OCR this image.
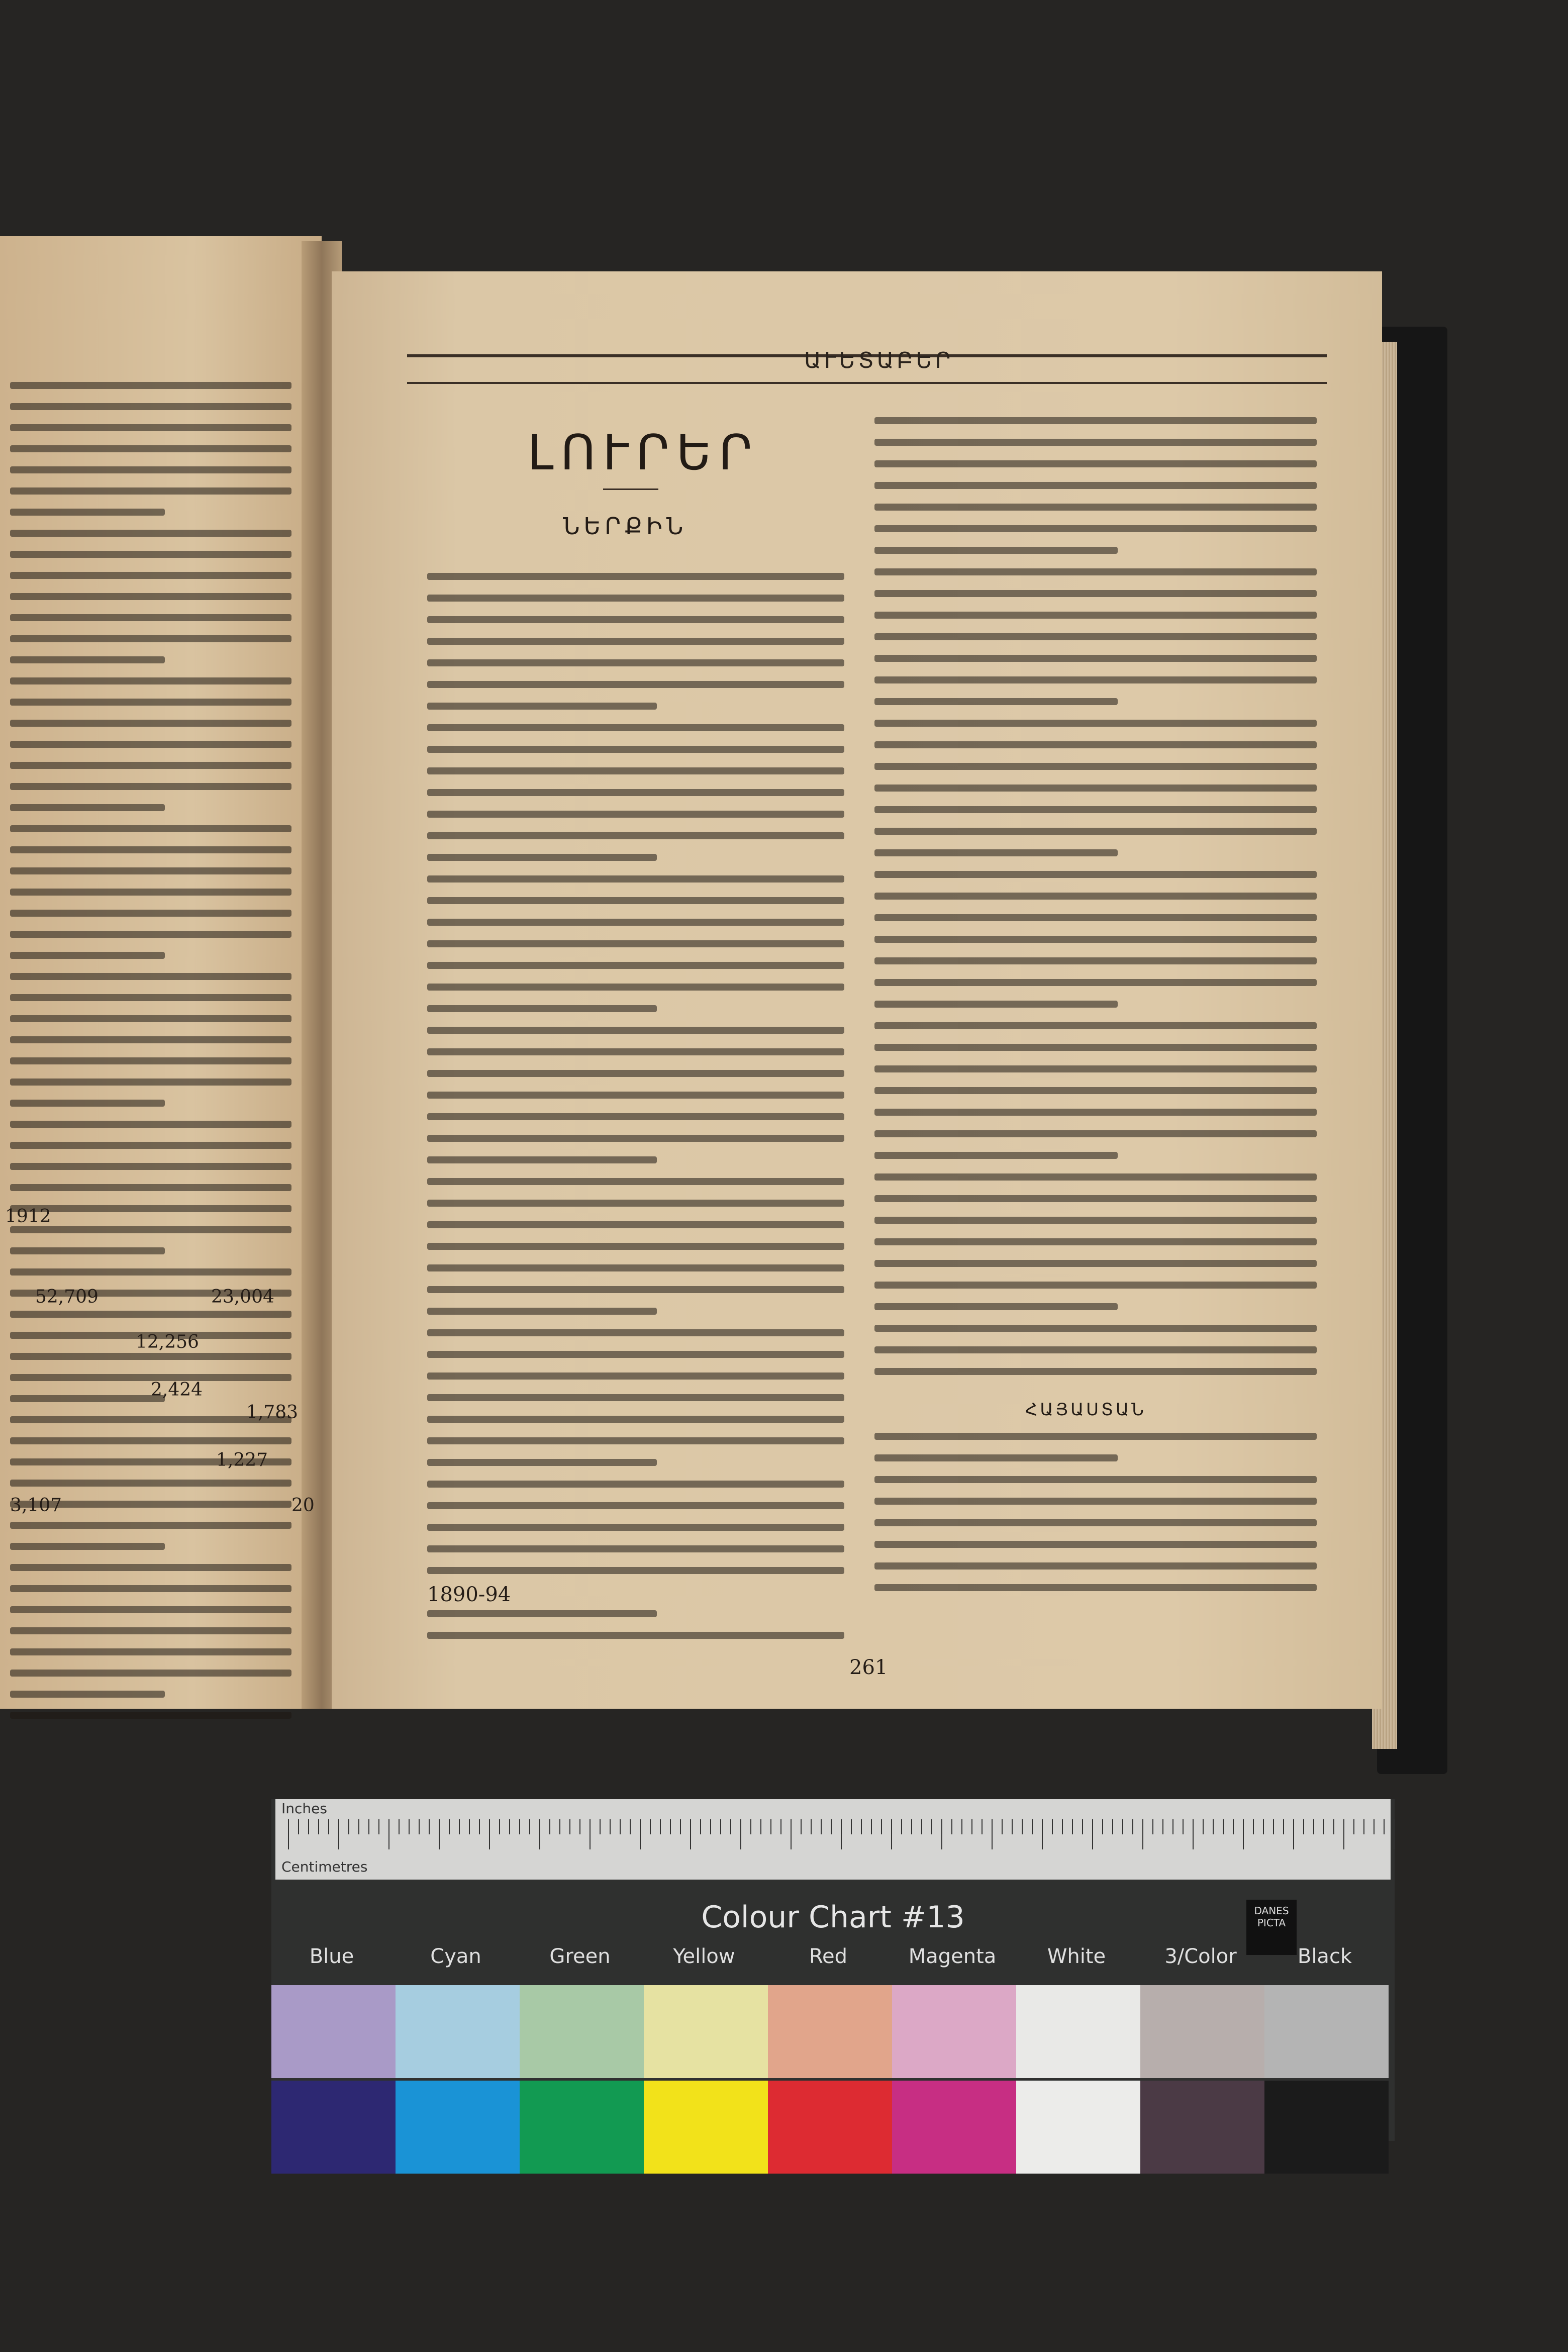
ԱՒԵՏԱԲԵՐ
ԼՈՒՐԵՐ
ՆԵՐՔԻՆ
1890-94
ՀԱՅԱՍՏԱՆ
261
1912
52,709	23,004
12,256
2,424
1,783
1,227
3,107	20
Inches
Centimetres
Colour Chart #13	DANES PICTA
Blue	Cyan	Green	Yellow	Red	Magenta	White	3/Color	Black
